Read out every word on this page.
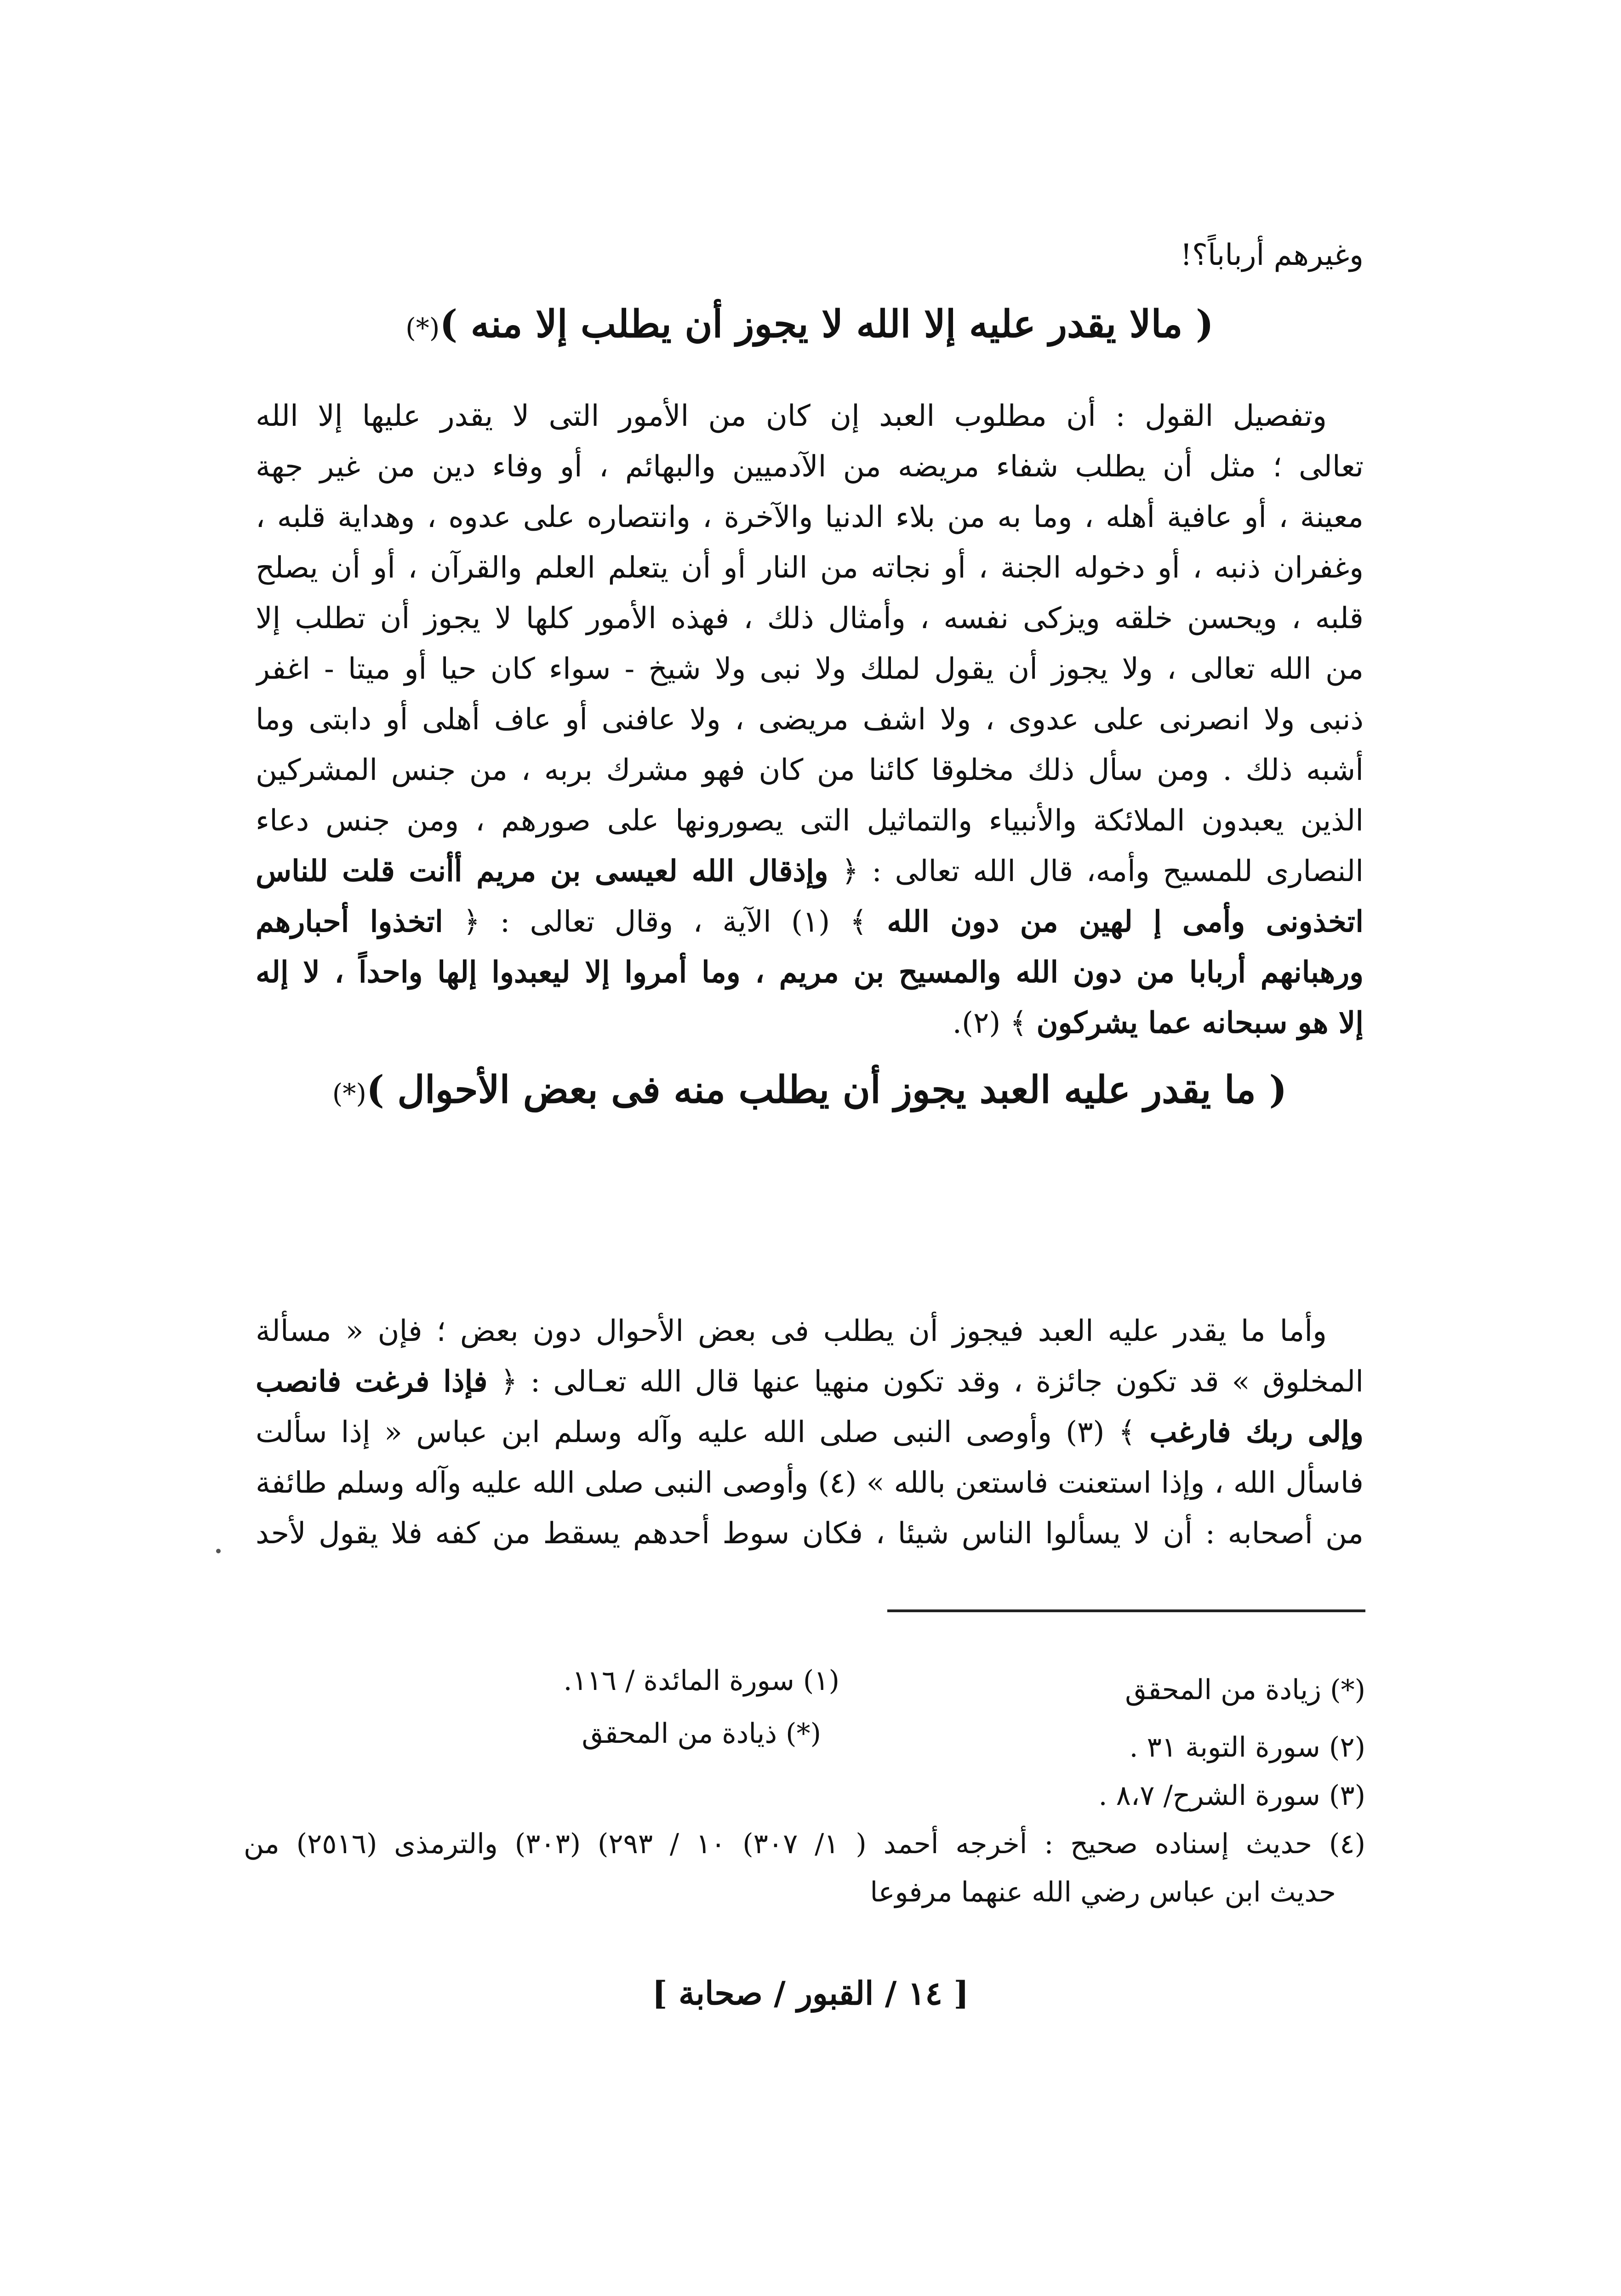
وغيرهم أرباباً؟!
( مالا يقدر عليه إلا الله لا يجوز أن يطلب إلا منه )(*)
وتفصيل القول : أن مطلوب العبد إن كان من الأمور التى لا يقدر عليها إلا الله
تعالى ؛ مثل أن يطلب شفاء مريضه من الآدميين والبهائم ، أو وفاء دين من غير جهة
معينة ، أو عافية أهله ، وما به من بلاء الدنيا والآخرة ، وانتصاره على عدوه ، وهداية قلبه ،
وغفران ذنبه ، أو دخوله الجنة ، أو نجاته من النار أو أن يتعلم العلم والقرآن ، أو أن يصلح
قلبه ، ويحسن خلقه ويزكى نفسه ، وأمثال ذلك ، فهذه الأمور كلها لا يجوز أن تطلب إلا
من الله تعالى ، ولا يجوز أن يقول لملك ولا نبى ولا شيخ - سواء كان حيا أو ميتا - اغفر
ذنبى ولا انصرنى على عدوى ، ولا اشف مريضى ، ولا عافنى أو عاف أهلى أو دابتى وما
أشبه ذلك . ومن سأل ذلك مخلوقا كائنا من كان فهو مشرك بربه ، من جنس المشركين
الذين يعبدون الملائكة والأنبياء والتماثيل التى يصورونها على صورهم ، ومن جنس دعاء
النصارى للمسيح وأمه، قال الله تعالى : ﴿ وإذقال الله لعيسى بن مريم أأنت قلت للناس
اتخذونى وأمى إ لهين من دون الله ﴾ (١) الآية ، وقال تعالى : ﴿ اتخذوا أحبارهم
ورهبانهم أربابا من دون الله والمسيح بن مريم ، وما أمروا إلا ليعبدوا إلها واحداً ، لا إله
إلا هو سبحانه عما يشركون ﴾ (٢).
( ما يقدر عليه العبد يجوز أن يطلب منه فى بعض الأحوال )(*)
وأما ما يقدر عليه العبد فيجوز أن يطلب فى بعض الأحوال دون بعض ؛ فإن « مسألة
المخلوق » قد تكون جائزة ، وقد تكون منهيا عنها قال الله تعـالى : ﴿ فإذا فرغت فانصب
وإلى ربك فارغب ﴾ (٣) وأوصى النبى صلى الله عليه وآله وسلم ابن عباس « إذا سألت
فاسأل الله ، وإذا استعنت فاستعن بالله » (٤) وأوصى النبى صلى الله عليه وآله وسلم طائفة
من أصحابه : أن لا يسألوا الناس شيئا ، فكان سوط أحدهم يسقط من كفه فلا يقول لأحد
(*) زيادة من المحقق
(١) سورة المائدة / ١١٦.
(٢) سورة التوبة ٣١ .
(*) ذيادة من المحقق
(٣) سورة الشرح/ ٨،٧ .
(٤) حديث إسناده صحيح : أخرجه أحمد ( ١/ ٣٠٧) ١٠ / ٢٩٣) (٣٠٣) والترمذى (٢٥١٦) من
حديث ابن عباس رضي الله عنهما مرفوعا
[ ١٤ / القبور / صحابة ]
